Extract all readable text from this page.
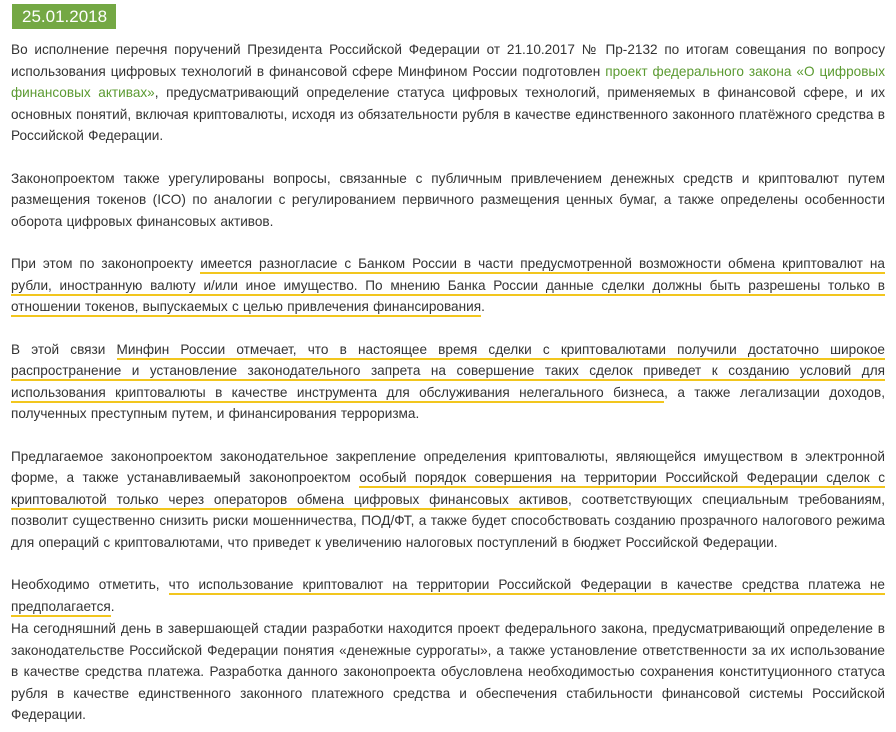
25.01.2018

Во исполнение перечня поручений Президента Российской Федерации от 21.10.2017 № Пр-2132 по итогам совещания по вопросу использования цифровых технологий в финансовой сфере Минфином России подготовлен проект федерального закона «О цифровых финансовых активах», предусматривающий определение статуса цифровых технологий, применяемых в финансовой сфере, и их основных понятий, включая криптовалюты, исходя из обязательности рубля в качестве единственного законного платёжного средства в Российской Федерации.

Законопроектом также урегулированы вопросы, связанные с публичным привлечением денежных средств и криптовалют путем размещения токенов (ICO) по аналогии с регулированием первичного размещения ценных бумаг, а также определены особенности оборота цифровых финансовых активов.

При этом по законопроекту имеется разногласие с Банком России в части предусмотренной возможности обмена криптовалют на рубли, иностранную валюту и/или иное имущество. По мнению Банка России данные сделки должны быть разрешены только в отношении токенов, выпускаемых с целью привлечения финансирования.

В этой связи Минфин России отмечает, что в настоящее время сделки с криптовалютами получили достаточно широкое распространение и установление законодательного запрета на совершение таких сделок приведет к созданию условий для использования криптовалюты в качестве инструмента для обслуживания нелегального бизнеса, а также легализации доходов, полученных преступным путем, и финансирования терроризма.

Предлагаемое законопроектом законодательное закрепление определения криптовалюты, являющейся имуществом в электронной форме, а также устанавливаемый законопроектом особый порядок совершения на территории Российской Федерации сделок с криптовалютой только через операторов обмена цифровых финансовых активов, соответствующих специальным требованиям, позволит существенно снизить риски мошенничества, ПОД/ФТ, а также будет способствовать созданию прозрачного налогового режима для операций с криптовалютами, что приведет к увеличению налоговых поступлений в бюджет Российской Федерации.

Необходимо отметить, что использование криптовалют на территории Российской Федерации в качестве средства платежа не предполагается.

На сегодняшний день в завершающей стадии разработки находится проект федерального закона, предусматривающий определение в законодательстве Российской Федерации понятия «денежные суррогаты», а также установление ответственности за их использование в качестве средства платежа. Разработка данного законопроекта обусловлена необходимостью сохранения конституционного статуса рубля в качестве единственного законного платежного средства и обеспечения стабильности финансовой системы Российской Федерации.
